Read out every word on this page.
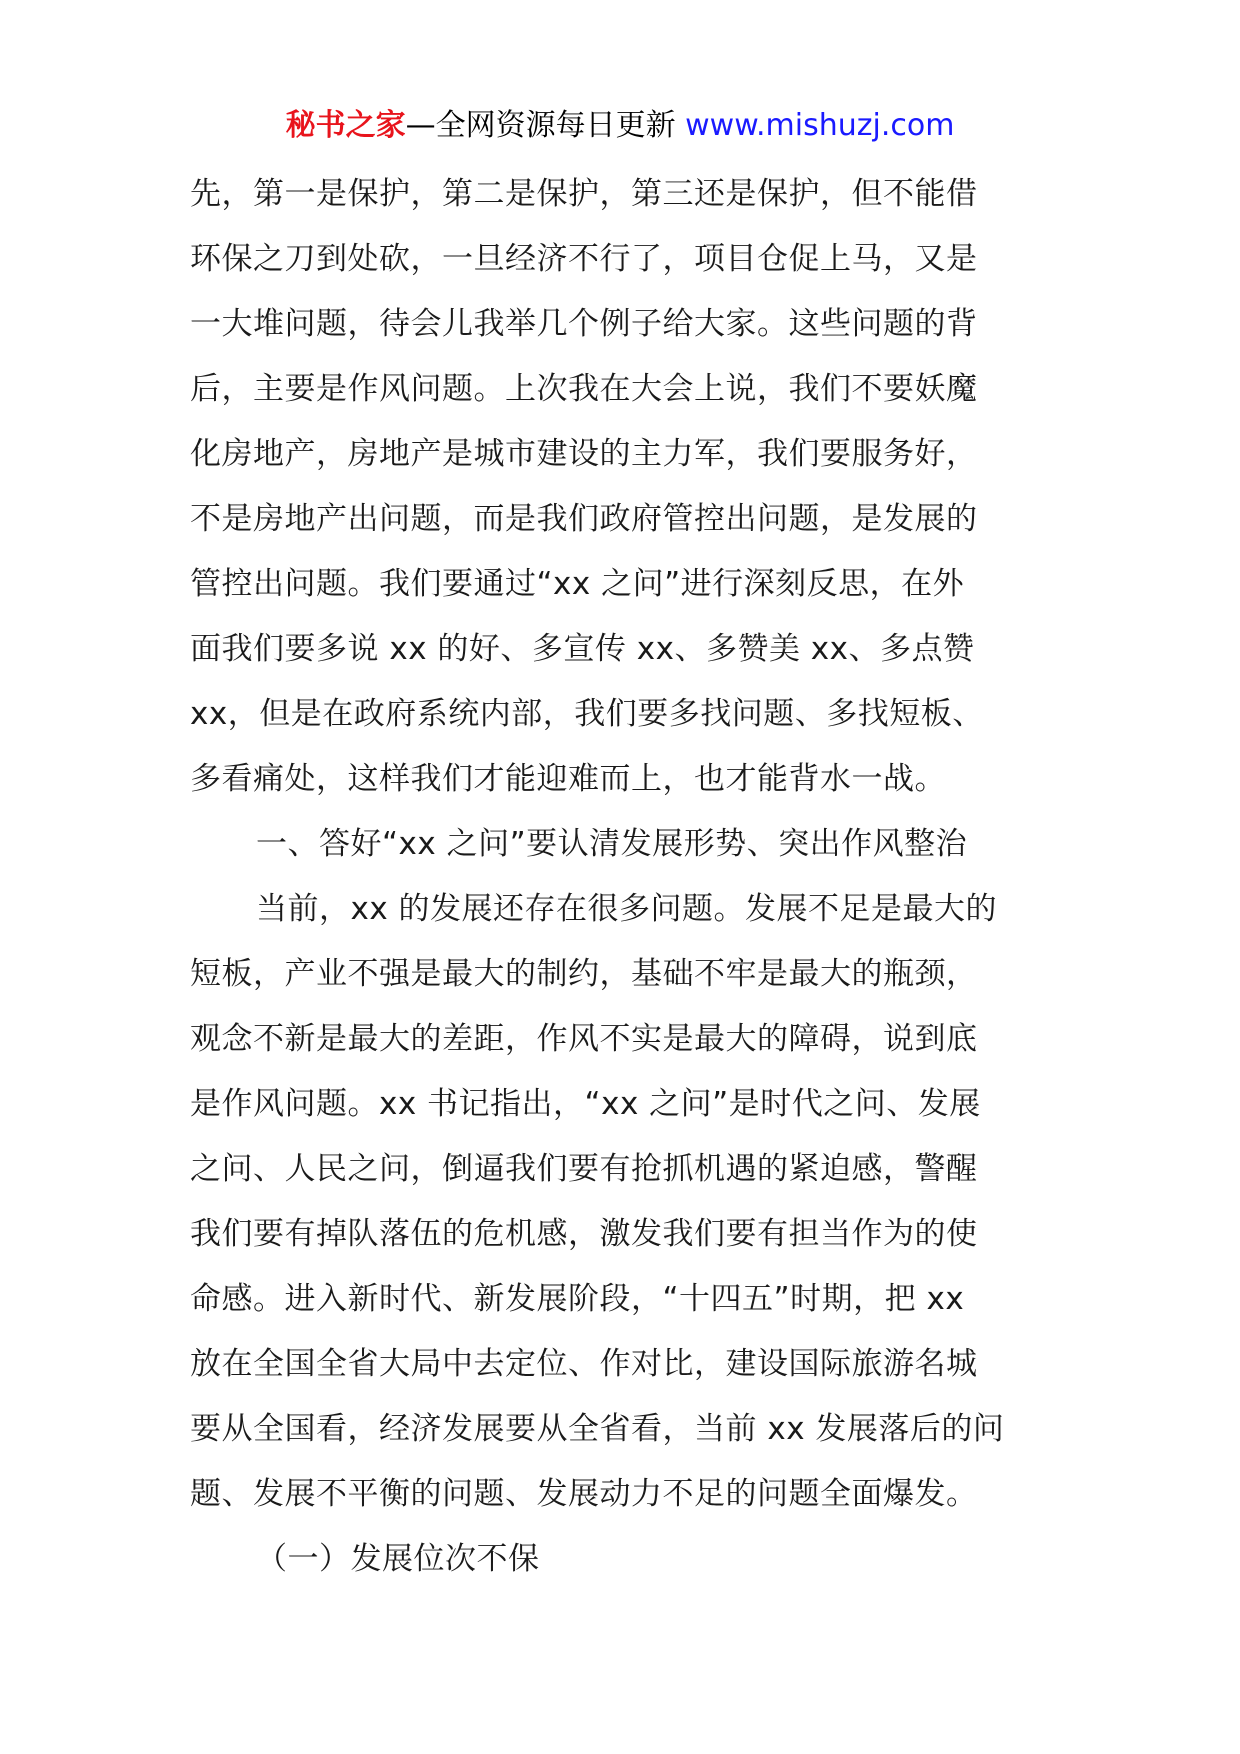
秘书之家—全网资源每日更新 www.mishuzj.com
先，第一是保护，第二是保护，第三还是保护，但不能借
环保之刀到处砍，一旦经济不行了，项目仓促上马，又是
一大堆问题，待会儿我举几个例子给大家。这些问题的背
后，主要是作风问题。上次我在大会上说，我们不要妖魔
化房地产，房地产是城市建设的主力军，我们要服务好，
不是房地产出问题，而是我们政府管控出问题，是发展的
管控出问题。我们要通过“xx 之问”进行深刻反思，在外
面我们要多说 xx 的好、多宣传 xx、多赞美 xx、多点赞
xx，但是在政府系统内部，我们要多找问题、多找短板、
多看痛处，这样我们才能迎难而上，也才能背水一战。
一、答好“xx 之问”要认清发展形势、突出作风整治
当前，xx 的发展还存在很多问题。发展不足是最大的
短板，产业不强是最大的制约，基础不牢是最大的瓶颈，
观念不新是最大的差距，作风不实是最大的障碍，说到底
是作风问题。xx 书记指出，“xx 之问”是时代之问、发展
之问、人民之问，倒逼我们要有抢抓机遇的紧迫感，警醒
我们要有掉队落伍的危机感，激发我们要有担当作为的使
命感。进入新时代、新发展阶段，“十四五”时期，把 xx
放在全国全省大局中去定位、作对比，建设国际旅游名城
要从全国看，经济发展要从全省看，当前 xx 发展落后的问
题、发展不平衡的问题、发展动力不足的问题全面爆发。
（一）发展位次不保
